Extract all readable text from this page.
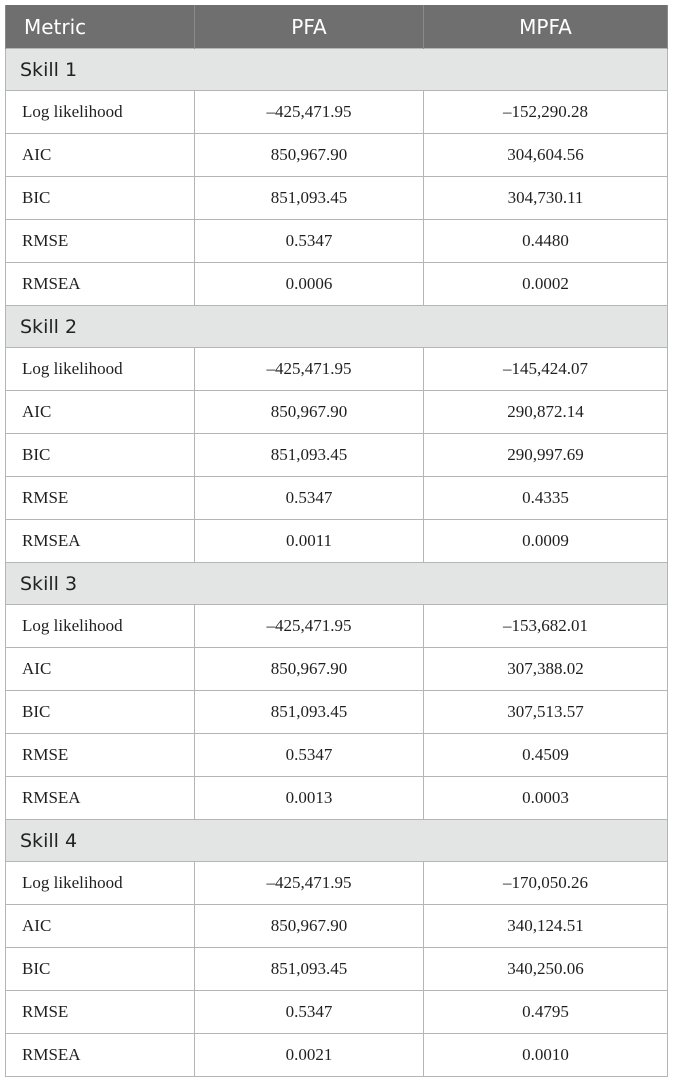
Metric	PFA	MPFA
Skill 1		
Log likelihood	–425,471.95	–152,290.28
AIC	850,967.90	304,604.56
BIC	851,093.45	304,730.11
RMSE	0.5347	0.4480
RMSEA	0.0006	0.0002
Skill 2		
Log likelihood	–425,471.95	–145,424.07
AIC	850,967.90	290,872.14
BIC	851,093.45	290,997.69
RMSE	0.5347	0.4335
RMSEA	0.0011	0.0009
Skill 3		
Log likelihood	–425,471.95	–153,682.01
AIC	850,967.90	307,388.02
BIC	851,093.45	307,513.57
RMSE	0.5347	0.4509
RMSEA	0.0013	0.0003
Skill 4		
Log likelihood	–425,471.95	–170,050.26
AIC	850,967.90	340,124.51
BIC	851,093.45	340,250.06
RMSE	0.5347	0.4795
RMSEA	0.0021	0.0010
